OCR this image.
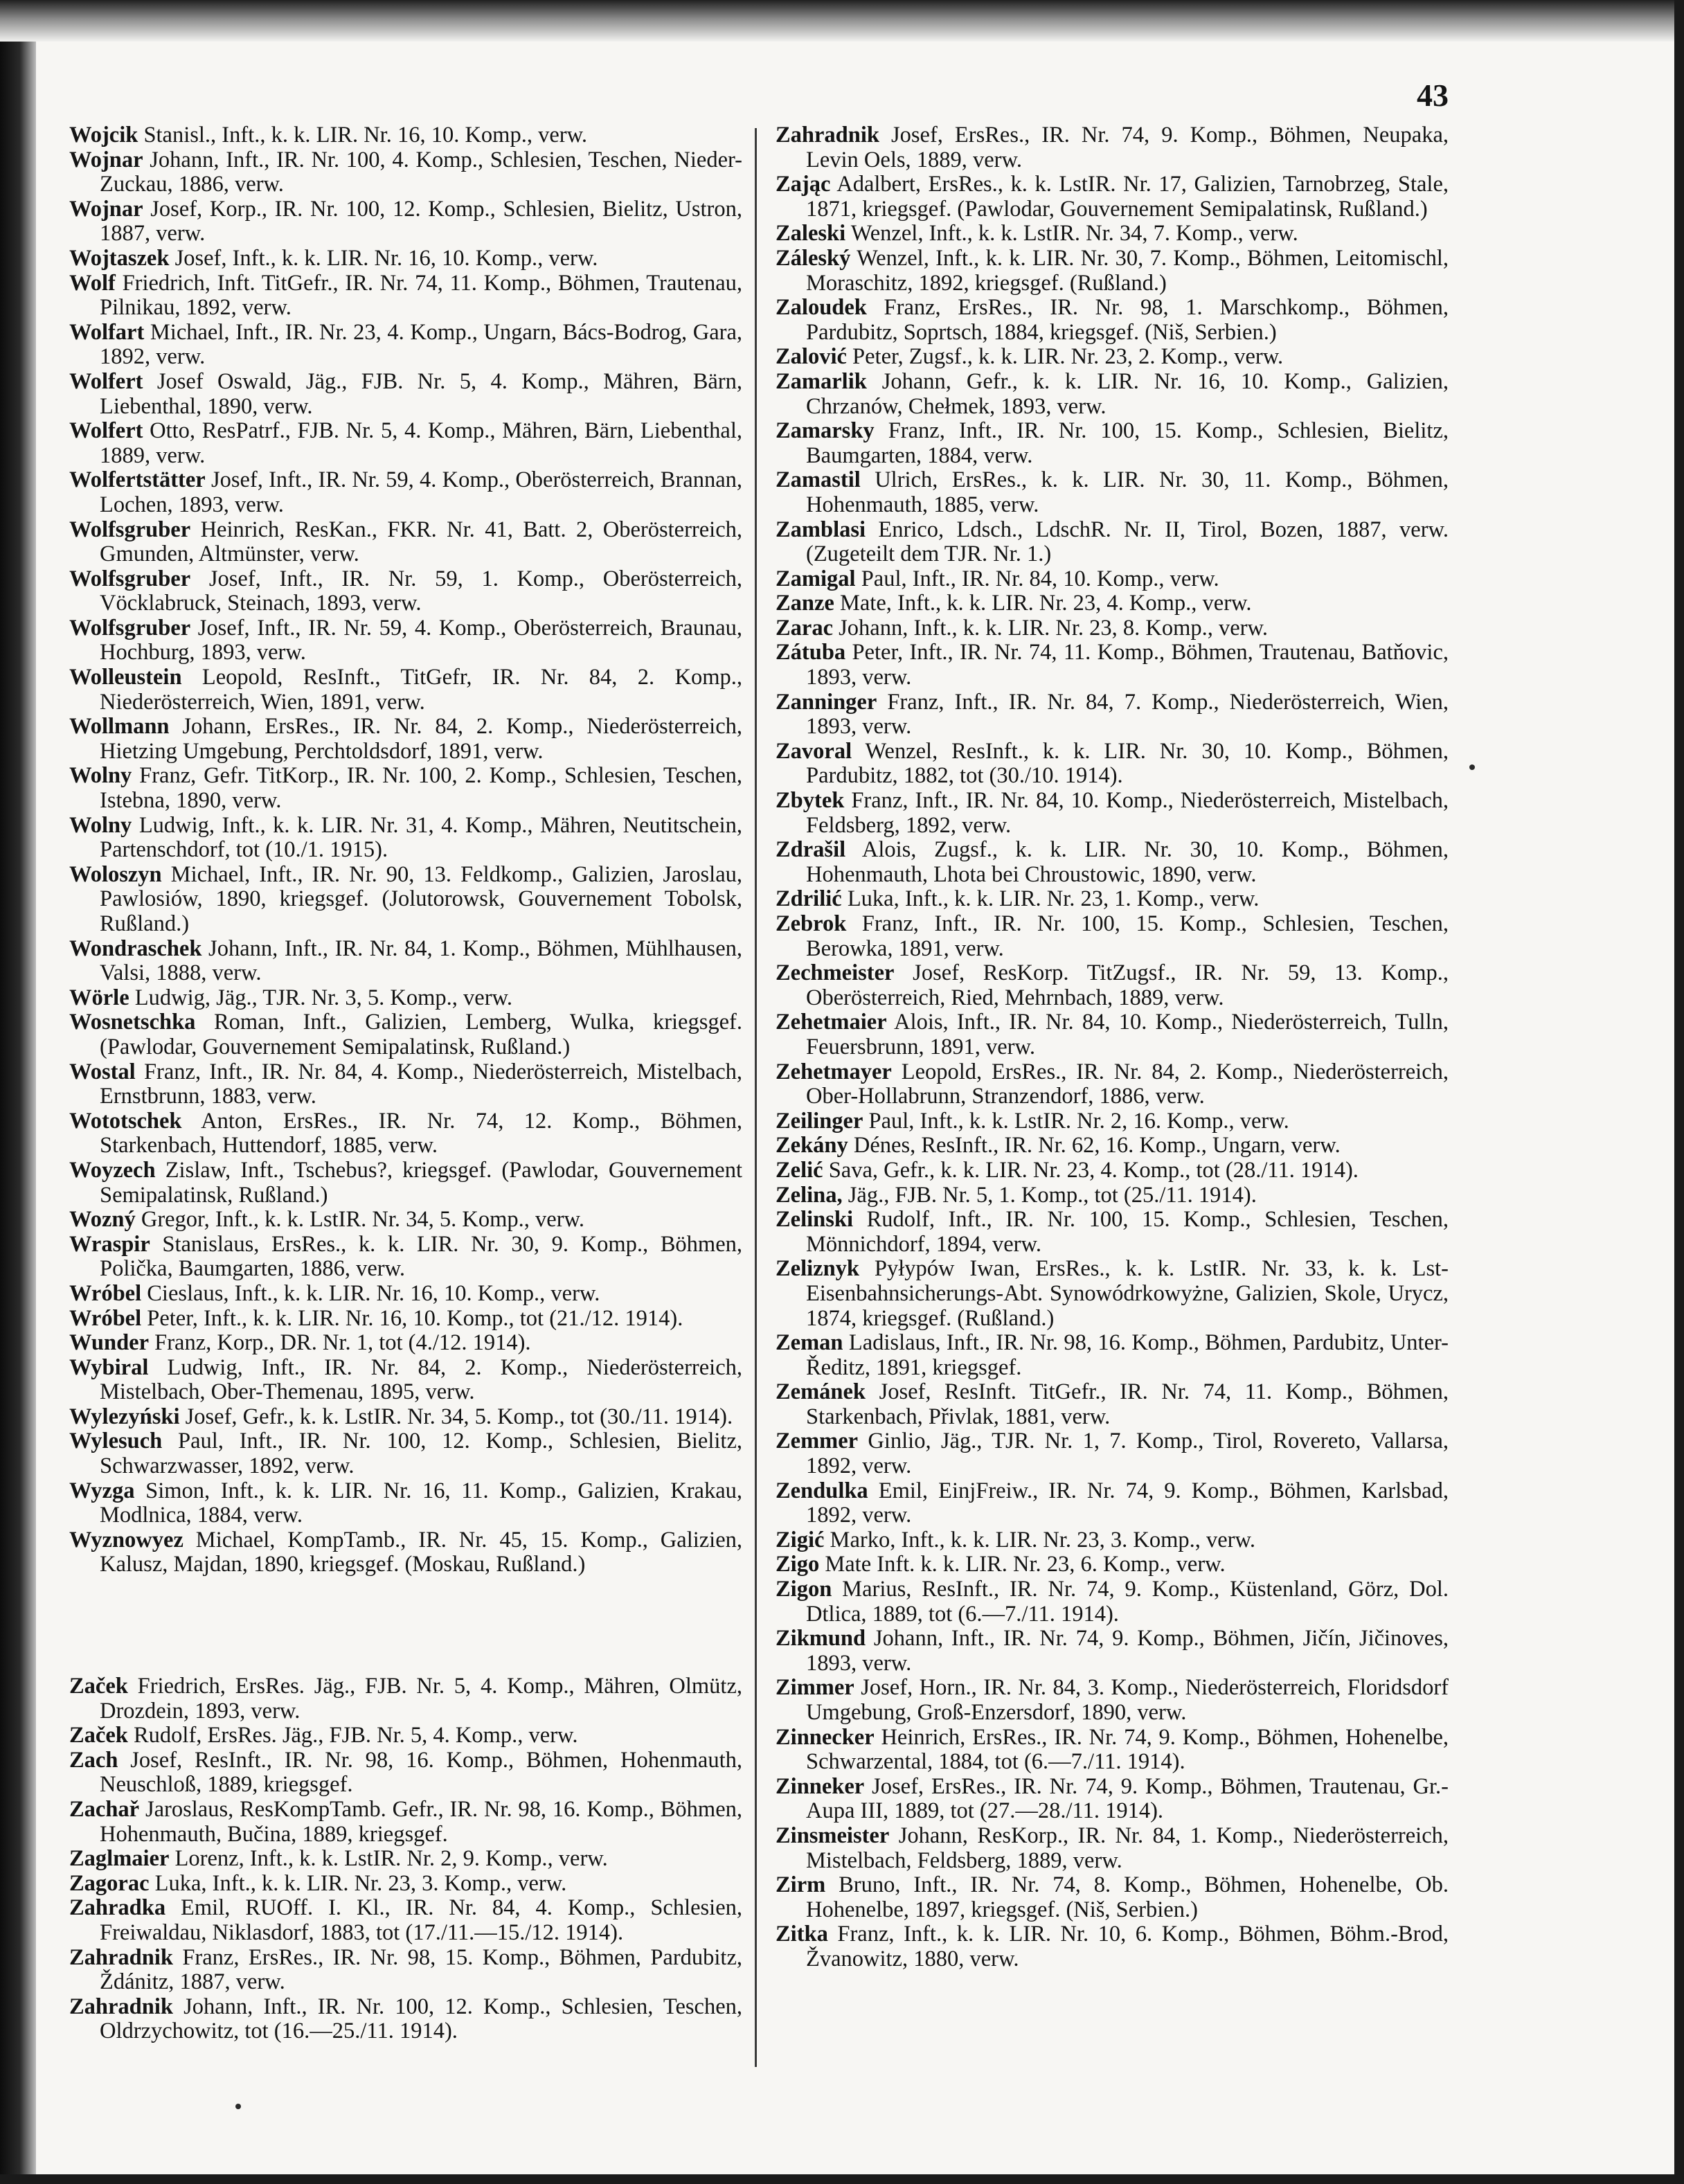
43

Wojcik Stanisl., Inft., k. k. LIR. Nr. 16, 10. Komp., verw.

Wojnar Johann, Inft., IR. Nr. 100, 4. Komp., Schlesien, Teschen, Nieder-Zuckau, 1886, verw.

Wojnar Josef, Korp., IR. Nr. 100, 12. Komp., Schlesien, Bielitz, Ustron, 1887, verw.

Wojtaszek Josef, Inft., k. k. LIR. Nr. 16, 10. Komp., verw.

Wolf Friedrich, Inft. TitGefr., IR. Nr. 74, 11. Komp., Böhmen, Trautenau, Pilnikau, 1892, verw.

Wolfart Michael, Inft., IR. Nr. 23, 4. Komp., Ungarn, Bács-Bodrog, Gara, 1892, verw.

Wolfert Josef Oswald, Jäg., FJB. Nr. 5, 4. Komp., Mähren, Bärn, Liebenthal, 1890, verw.

Wolfert Otto, ResPatrf., FJB. Nr. 5, 4. Komp., Mähren, Bärn, Liebenthal, 1889, verw.

Wolfertstätter Josef, Inft., IR. Nr. 59, 4. Komp., Oberösterreich, Brannan, Lochen, 1893, verw.

Wolfsgruber Heinrich, ResKan., FKR. Nr. 41, Batt. 2, Oberösterreich, Gmunden, Altmünster, verw.

Wolfsgruber Josef, Inft., IR. Nr. 59, 1. Komp., Oberösterreich, Vöcklabruck, Steinach, 1893, verw.

Wolfsgruber Josef, Inft., IR. Nr. 59, 4. Komp., Oberösterreich, Braunau, Hochburg, 1893, verw.

Wolleustein Leopold, ResInft., TitGefr, IR. Nr. 84, 2. Komp., Niederösterreich, Wien, 1891, verw.

Wollmann Johann, ErsRes., IR. Nr. 84, 2. Komp., Niederösterreich, Hietzing Umgebung, Perchtoldsdorf, 1891, verw.

Wolny Franz, Gefr. TitKorp., IR. Nr. 100, 2. Komp., Schlesien, Teschen, Istebna, 1890, verw.

Wolny Ludwig, Inft., k. k. LIR. Nr. 31, 4. Komp., Mähren, Neutitschein, Partenschdorf, tot (10./1. 1915).

Woloszyn Michael, Inft., IR. Nr. 90, 13. Feldkomp., Galizien, Jaroslau, Pawlosiów, 1890, kriegsgef. (Jolutorowsk, Gouvernement Tobolsk, Rußland.)

Wondraschek Johann, Inft., IR. Nr. 84, 1. Komp., Böhmen, Mühlhausen, Valsi, 1888, verw.

Wörle Ludwig, Jäg., TJR. Nr. 3, 5. Komp., verw.

Wosnetschka Roman, Inft., Galizien, Lemberg, Wulka, kriegsgef. (Pawlodar, Gouvernement Semipalatinsk, Rußland.)

Wostal Franz, Inft., IR. Nr. 84, 4. Komp., Niederösterreich, Mistelbach, Ernstbrunn, 1883, verw.

Wototschek Anton, ErsRes., IR. Nr. 74, 12. Komp., Böhmen, Starkenbach, Huttendorf, 1885, verw.

Woyzech Zislaw, Inft., Tschebus?, kriegsgef. (Pawlodar, Gouvernement Semipalatinsk, Rußland.)

Wozný Gregor, Inft., k. k. LstIR. Nr. 34, 5. Komp., verw.

Wraspir Stanislaus, ErsRes., k. k. LIR. Nr. 30, 9. Komp., Böhmen, Polička, Baumgarten, 1886, verw.

Wróbel Cieslaus, Inft., k. k. LIR. Nr. 16, 10. Komp., verw.

Wróbel Peter, Inft., k. k. LIR. Nr. 16, 10. Komp., tot (21./12. 1914).

Wunder Franz, Korp., DR. Nr. 1, tot (4./12. 1914).

Wybiral Ludwig, Inft., IR. Nr. 84, 2. Komp., Niederösterreich, Mistelbach, Ober-Themenau, 1895, verw.

Wylezyński Josef, Gefr., k. k. LstIR. Nr. 34, 5. Komp., tot (30./11. 1914).

Wylesuch Paul, Inft., IR. Nr. 100, 12. Komp., Schlesien, Bielitz, Schwarzwasser, 1892, verw.

Wyzga Simon, Inft., k. k. LIR. Nr. 16, 11. Komp., Galizien, Krakau, Modlnica, 1884, verw.

Wyznowyez Michael, KompTamb., IR. Nr. 45, 15. Komp., Galizien, Kalusz, Majdan, 1890, kriegsgef. (Moskau, Rußland.)

Začek Friedrich, ErsRes. Jäg., FJB. Nr. 5, 4. Komp., Mähren, Olmütz, Drozdein, 1893, verw.

Začek Rudolf, ErsRes. Jäg., FJB. Nr. 5, 4. Komp., verw.

Zach Josef, ResInft., IR. Nr. 98, 16. Komp., Böhmen, Hohenmauth, Neuschloß, 1889, kriegsgef.

Zachař Jaroslaus, ResKompTamb. Gefr., IR. Nr. 98, 16. Komp., Böhmen, Hohenmauth, Bučina, 1889, kriegsgef.

Zaglmaier Lorenz, Inft., k. k. LstIR. Nr. 2, 9. Komp., verw.

Zagorac Luka, Inft., k. k. LIR. Nr. 23, 3. Komp., verw.

Zahradka Emil, RUOff. I. Kl., IR. Nr. 84, 4. Komp., Schlesien, Freiwaldau, Niklasdorf, 1883, tot (17./11.—15./12. 1914).

Zahradnik Franz, ErsRes., IR. Nr. 98, 15. Komp., Böhmen, Pardubitz, Ždánitz, 1887, verw.

Zahradnik Johann, Inft., IR. Nr. 100, 12. Komp., Schlesien, Teschen, Oldrzychowitz, tot (16.—25./11. 1914).

Zahradnik Josef, ErsRes., IR. Nr. 74, 9. Komp., Böhmen, Neupaka, Levin Oels, 1889, verw.

Zając Adalbert, ErsRes., k. k. LstIR. Nr. 17, Galizien, Tarnobrzeg, Stale, 1871, kriegsgef. (Pawlodar, Gouvernement Semipalatinsk, Rußland.)

Zaleski Wenzel, Inft., k. k. LstIR. Nr. 34, 7. Komp., verw.

Záleský Wenzel, Inft., k. k. LIR. Nr. 30, 7. Komp., Böhmen, Leitomischl, Moraschitz, 1892, kriegsgef. (Rußland.)

Zaloudek Franz, ErsRes., IR. Nr. 98, 1. Marschkomp., Böhmen, Pardubitz, Soprtsch, 1884, kriegsgef. (Niš, Serbien.)

Zalović Peter, Zugsf., k. k. LIR. Nr. 23, 2. Komp., verw.

Zamarlik Johann, Gefr., k. k. LIR. Nr. 16, 10. Komp., Galizien, Chrzanów, Chełmek, 1893, verw.

Zamarsky Franz, Inft., IR. Nr. 100, 15. Komp., Schlesien, Bielitz, Baumgarten, 1884, verw.

Zamastil Ulrich, ErsRes., k. k. LIR. Nr. 30, 11. Komp., Böhmen, Hohenmauth, 1885, verw.

Zamblasi Enrico, Ldsch., LdschR. Nr. II, Tirol, Bozen, 1887, verw. (Zugeteilt dem TJR. Nr. 1.)

Zamigal Paul, Inft., IR. Nr. 84, 10. Komp., verw.

Zanze Mate, Inft., k. k. LIR. Nr. 23, 4. Komp., verw.

Zarac Johann, Inft., k. k. LIR. Nr. 23, 8. Komp., verw.

Zátuba Peter, Inft., IR. Nr. 74, 11. Komp., Böhmen, Trautenau, Batňovic, 1893, verw.

Zanninger Franz, Inft., IR. Nr. 84, 7. Komp., Niederösterreich, Wien, 1893, verw.

Zavoral Wenzel, ResInft., k. k. LIR. Nr. 30, 10. Komp., Böhmen, Pardubitz, 1882, tot (30./10. 1914).

Zbytek Franz, Inft., IR. Nr. 84, 10. Komp., Niederösterreich, Mistelbach, Feldsberg, 1892, verw.

Zdrašil Alois, Zugsf., k. k. LIR. Nr. 30, 10. Komp., Böhmen, Hohenmauth, Lhota bei Chroustowic, 1890, verw.

Zdrilić Luka, Inft., k. k. LIR. Nr. 23, 1. Komp., verw.

Zebrok Franz, Inft., IR. Nr. 100, 15. Komp., Schlesien, Teschen, Berowka, 1891, verw.

Zechmeister Josef, ResKorp. TitZugsf., IR. Nr. 59, 13. Komp., Oberösterreich, Ried, Mehrnbach, 1889, verw.

Zehetmaier Alois, Inft., IR. Nr. 84, 10. Komp., Niederösterreich, Tulln, Feuersbrunn, 1891, verw.

Zehetmayer Leopold, ErsRes., IR. Nr. 84, 2. Komp., Niederösterreich, Ober-Hollabrunn, Stranzendorf, 1886, verw.

Zeilinger Paul, Inft., k. k. LstIR. Nr. 2, 16. Komp., verw.

Zekány Dénes, ResInft., IR. Nr. 62, 16. Komp., Ungarn, verw.

Zelić Sava, Gefr., k. k. LIR. Nr. 23, 4. Komp., tot (28./11. 1914).

Zelina, Jäg., FJB. Nr. 5, 1. Komp., tot (25./11. 1914).

Zelinski Rudolf, Inft., IR. Nr. 100, 15. Komp., Schlesien, Teschen, Mönnichdorf, 1894, verw.

Zeliznyk Pyłypów Iwan, ErsRes., k. k. LstIR. Nr. 33, k. k. Lst-Eisenbahnsicherungs-Abt. Synowódrkowyżne, Galizien, Skole, Urycz, 1874, kriegsgef. (Rußland.)

Zeman Ladislaus, Inft., IR. Nr. 98, 16. Komp., Böhmen, Pardubitz, Unter-Ředitz, 1891, kriegsgef.

Zemánek Josef, ResInft. TitGefr., IR. Nr. 74, 11. Komp., Böhmen, Starkenbach, Přivlak, 1881, verw.

Zemmer Ginlio, Jäg., TJR. Nr. 1, 7. Komp., Tirol, Rovereto, Vallarsa, 1892, verw.

Zendulka Emil, EinjFreiw., IR. Nr. 74, 9. Komp., Böhmen, Karlsbad, 1892, verw.

Zigić Marko, Inft., k. k. LIR. Nr. 23, 3. Komp., verw.

Zigo Mate Inft. k. k. LIR. Nr. 23, 6. Komp., verw.

Zigon Marius, ResInft., IR. Nr. 74, 9. Komp., Küstenland, Görz, Dol. Dtlica, 1889, tot (6.—7./11. 1914).

Zikmund Johann, Inft., IR. Nr. 74, 9. Komp., Böhmen, Jičín, Jičinoves, 1893, verw.

Zimmer Josef, Horn., IR. Nr. 84, 3. Komp., Niederösterreich, Floridsdorf Umgebung, Groß-Enzersdorf, 1890, verw.

Zinnecker Heinrich, ErsRes., IR. Nr. 74, 9. Komp., Böhmen, Hohenelbe, Schwarzental, 1884, tot (6.—7./11. 1914).

Zinneker Josef, ErsRes., IR. Nr. 74, 9. Komp., Böhmen, Trautenau, Gr.-Aupa III, 1889, tot (27.—28./11. 1914).

Zinsmeister Johann, ResKorp., IR. Nr. 84, 1. Komp., Niederösterreich, Mistelbach, Feldsberg, 1889, verw.

Zirm Bruno, Inft., IR. Nr. 74, 8. Komp., Böhmen, Hohenelbe, Ob. Hohenelbe, 1897, kriegsgef. (Niš, Serbien.)

Zitka Franz, Inft., k. k. LIR. Nr. 10, 6. Komp., Böhmen, Böhm.-Brod, Žvanowitz, 1880, verw.
